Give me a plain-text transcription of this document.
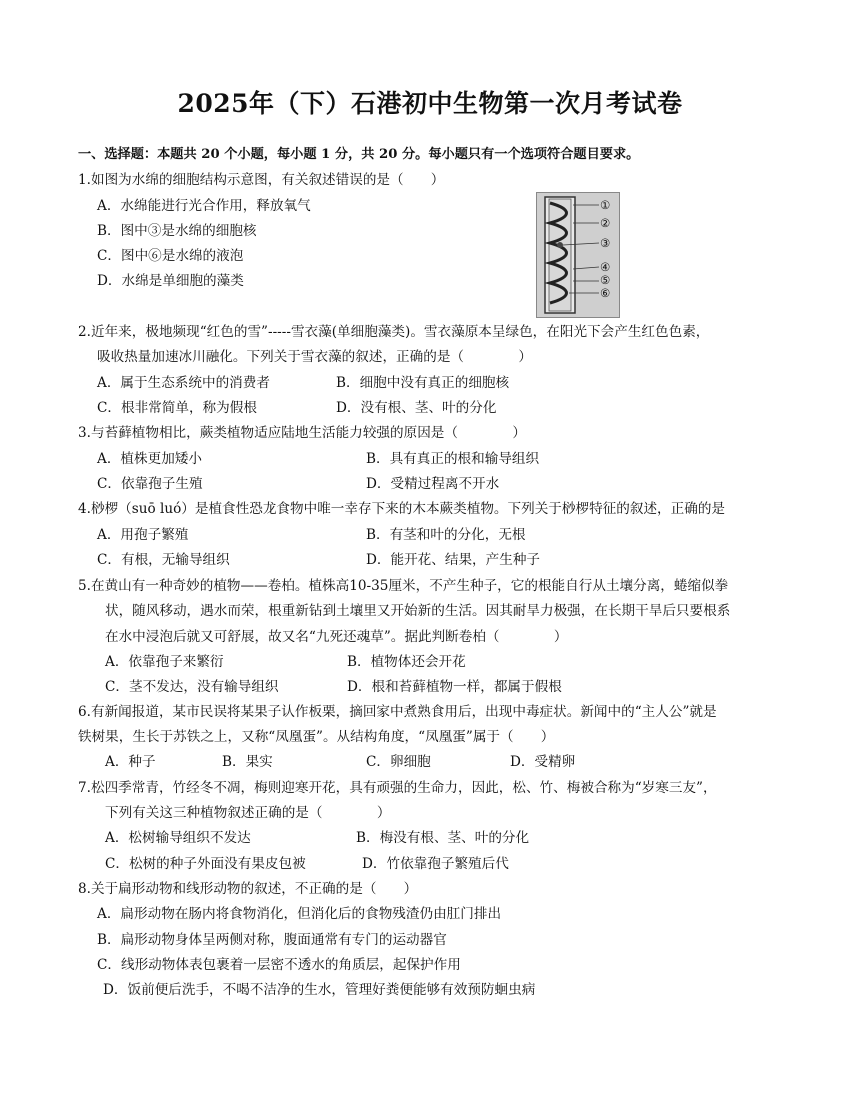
2025年（下）石港初中生物第一次月考试卷
一、选择题：本题共 20 个小题，每小题 1 分，共 20 分。每小题只有一个选项符合题目要求。
1.如图为水绵的细胞结构示意图，有关叙述错误的是（　　）
A．水绵能进行光合作用，释放氧气
B．图中③是水绵的细胞核
C．图中⑥是水绵的液泡
D．水绵是单细胞的藻类
①
②
③
④
⑤
⑥
2.近年来，极地频现“红色的雪”-----雪衣藻(单细胞藻类)。雪衣藻原本呈绿色，在阳光下会产生红色色素，
吸收热量加速冰川融化。下列关于雪衣藻的叙述，正确的是（　　　　）
A．属于生态系统中的消费者	B．细胞中没有真正的细胞核
C．根非常简单，称为假根	D．没有根、茎、叶的分化
3.与苔藓植物相比，蕨类植物适应陆地生活能力较强的原因是（　　　　）
A．植株更加矮小	B．具有真正的根和输导组织
C．依靠孢子生殖	D．受精过程离不开水
4.桫椤（suō luó）是植食性恐龙食物中唯一幸存下来的木本蕨类植物。下列关于桫椤特征的叙述，正确的是
A．用孢子繁殖	B．有茎和叶的分化，无根
C．有根，无输导组织	D．能开花、结果，产生种子
5.在黄山有一种奇妙的植物——卷柏。植株高10-35厘米，不产生种子，它的根能自行从土壤分离，蜷缩似拳
状，随风移动，遇水而荣，根重新钻到土壤里又开始新的生活。因其耐旱力极强，在长期干旱后只要根系
在水中浸泡后就又可舒展，故又名“九死还魂草”。据此判断卷柏（　　　　）
A．依靠孢子来繁衍	B．植物体还会开花
C．茎不发达，没有输导组织	D．根和苔藓植物一样，都属于假根
6.有新闻报道，某市民误将某果子认作板栗，摘回家中煮熟食用后，出现中毒症状。新闻中的“主人公”就是
铁树果，生长于苏铁之上，又称“凤凰蛋”。从结构角度，“凤凰蛋”属于（　　）
A．种子	B．果实	C．卵细胞	D．受精卵
7.松四季常青，竹经冬不凋，梅则迎寒开花，具有顽强的生命力，因此，松、竹、梅被合称为“岁寒三友”，
下列有关这三种植物叙述正确的是（　　　　）
A．松树输导组织不发达	B．梅没有根、茎、叶的分化
C．松树的种子外面没有果皮包被	D．竹依靠孢子繁殖后代
8.关于扁形动物和线形动物的叙述，不正确的是（　　）
A．扁形动物在肠内将食物消化，但消化后的食物残渣仍由肛门排出
B．扁形动物身体呈两侧对称，腹面通常有专门的运动器官
C．线形动物体表包裹着一层密不透水的角质层，起保护作用
D．饭前便后洗手，不喝不洁净的生水，管理好粪便能够有效预防蛔虫病
